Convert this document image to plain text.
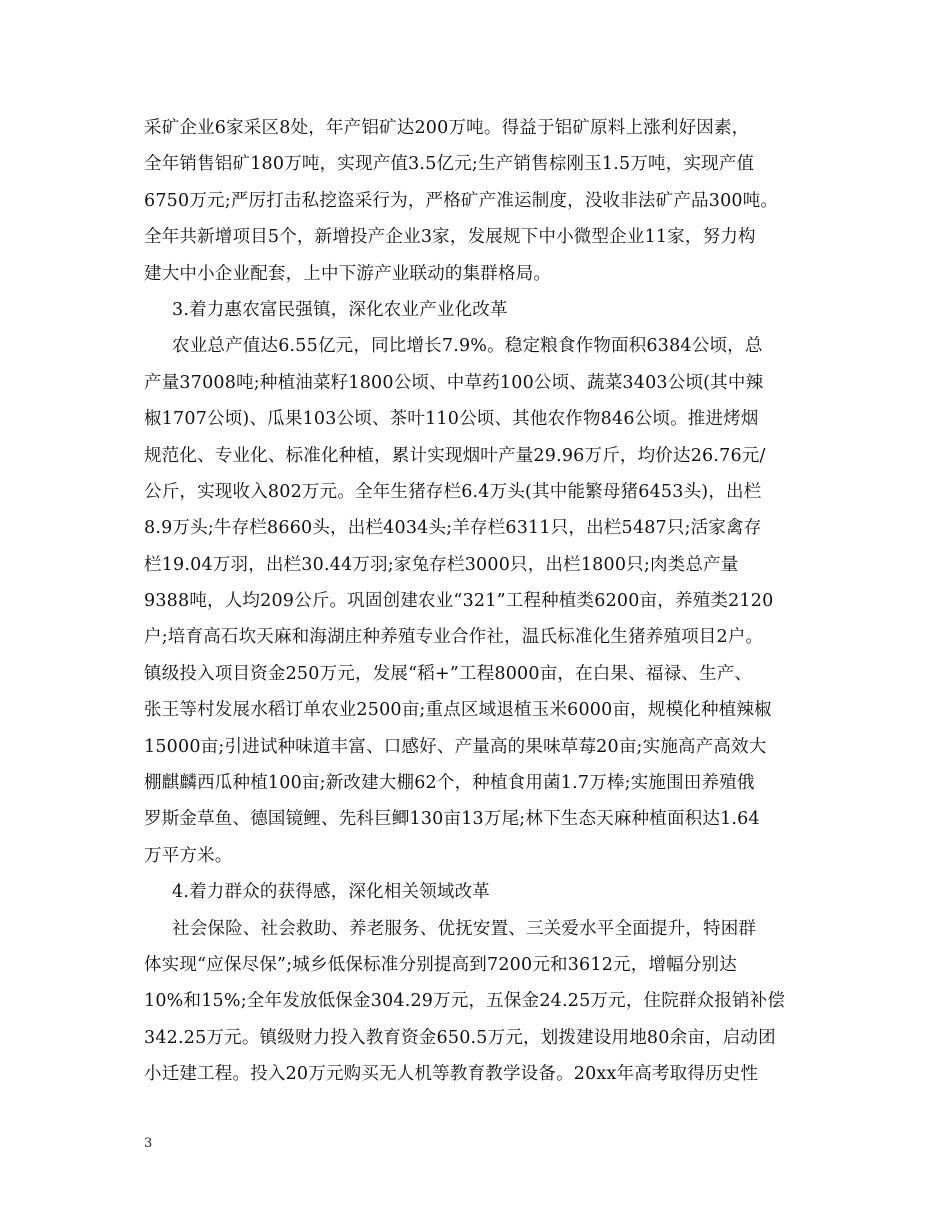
采矿企业6家采区8处，年产铝矿达200万吨。得益于铝矿原料上涨利好因素，
全年销售铝矿180万吨，实现产值3.5亿元;生产销售棕刚玉1.5万吨，实现产值
6750万元;严厉打击私挖盗采行为，严格矿产准运制度，没收非法矿产品300吨。
全年共新增项目5个，新增投产企业3家，发展规下中小微型企业11家，努力构
建大中小企业配套，上中下游产业联动的集群格局。
3.着力惠农富民强镇，深化农业产业化改革
农业总产值达6.55亿元，同比增长7.9%。稳定粮食作物面积6384公顷，总
产量37008吨;种植油菜籽1800公顷、中草药100公顷、蔬菜3403公顷(其中辣
椒1707公顷)、瓜果103公顷、茶叶110公顷、其他农作物846公顷。推进烤烟
规范化、专业化、标准化种植，累计实现烟叶产量29.96万斤，均价达26.76元/
公斤，实现收入802万元。全年生猪存栏6.4万头(其中能繁母猪6453头)，出栏
8.9万头;牛存栏8660头，出栏4034头;羊存栏6311只，出栏5487只;活家禽存
栏19.04万羽，出栏30.44万羽;家兔存栏3000只，出栏1800只;肉类总产量
9388吨，人均209公斤。巩固创建农业“321”工程种植类6200亩，养殖类2120
户;培育高石坎天麻和海湖庄种养殖专业合作社，温氏标准化生猪养殖项目2户。
镇级投入项目资金250万元，发展“稻+”工程8000亩，在白果、福禄、生产、
张王等村发展水稻订单农业2500亩;重点区域退植玉米6000亩，规模化种植辣椒
15000亩;引进试种味道丰富、口感好、产量高的果味草莓20亩;实施高产高效大
棚麒麟西瓜种植100亩;新改建大棚62个，种植食用菌1.7万棒;实施围田养殖俄
罗斯金草鱼、德国镜鲤、先科巨鲫130亩13万尾;林下生态天麻种植面积达1.64
万平方米。
4.着力群众的获得感，深化相关领域改革
社会保险、社会救助、养老服务、优抚安置、三关爱水平全面提升，特困群
体实现“应保尽保”;城乡低保标准分别提高到7200元和3612元，增幅分别达
10%和15%;全年发放低保金304.29万元，五保金24.25万元，住院群众报销补偿
342.25万元。镇级财力投入教育资金650.5万元，划拨建设用地80余亩，启动团
小迁建工程。投入20万元购买无人机等教育教学设备。20xx年高考取得历史性
3
